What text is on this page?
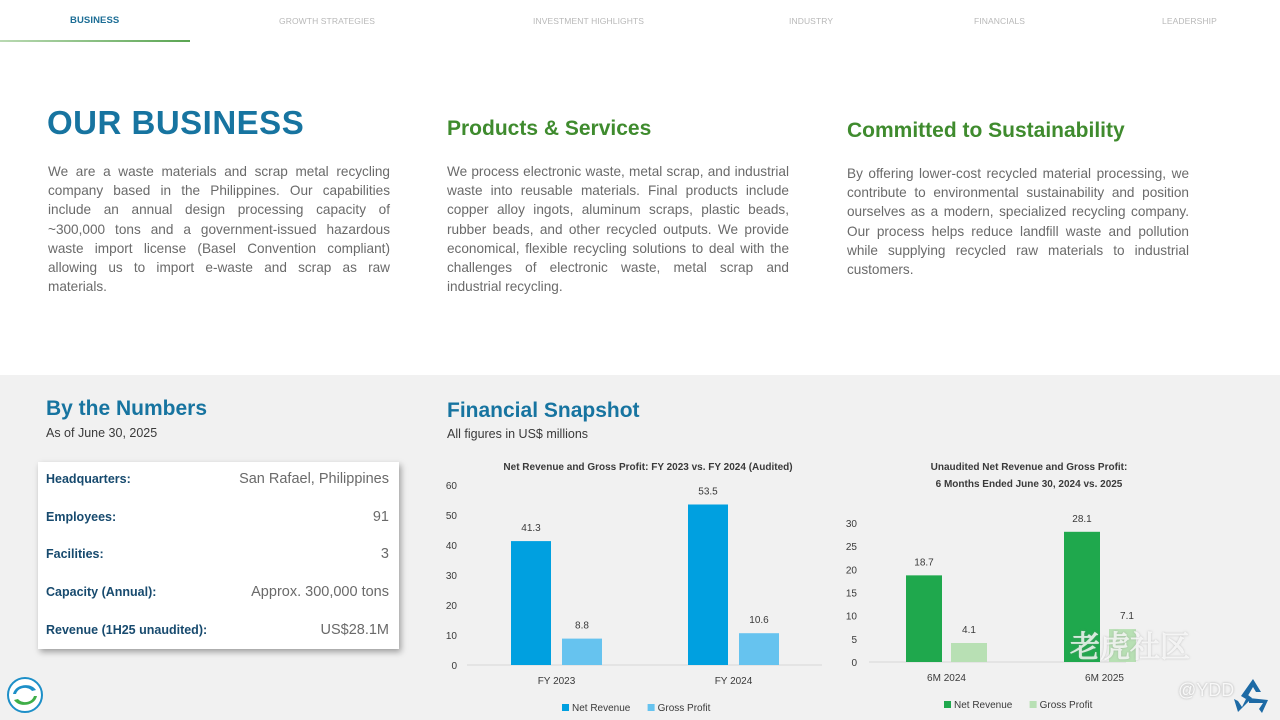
BUSINESS	GROWTH STRATEGIES	INVESTMENT HIGHLIGHTS	INDUSTRY	FINANCIALS	LEADERSHIP
OUR BUSINESS
We are a waste materials and scrap metal recycling company based in the Philippines. Our capabilities include an annual design processing capacity of ~300,000 tons and a government-issued hazardous waste import license (Basel Convention compliant) allowing us to import e-waste and scrap as raw materials.
Products & Services
We process electronic waste, metal scrap, and industrial waste into reusable materials. Final products include copper alloy ingots, aluminum scraps, plastic beads, rubber beads, and other recycled outputs. We provide economical, flexible recycling solutions to deal with the challenges of electronic waste, metal scrap and industrial recycling.
Committed to Sustainability
By offering lower-cost recycled material processing, we contribute to environmental sustainability and position ourselves as a modern, specialized recycling company. Our process helps reduce landfill waste and pollution while supplying recycled raw materials to industrial customers.
By the Numbers
As of June 30, 2025
Headquarters:	San Rafael, Philippines
Employees:	91
Facilities:	3
Capacity (Annual):	Approx. 300,000 tons
Revenue (1H25 unaudited):	US$28.1M
Financial Snapshot
All figures in US$ millions
Net Revenue and Gross Profit: FY 2023 vs. FY 2024 (Audited)
0
10
20
30
40
50
60
41.3
8.8
FY 2023
53.5
10.6
FY 2024
Net Revenue	Gross Profit
Unaudited Net Revenue and Gross Profit:
6 Months Ended June 30, 2024 vs. 2025
0
5
10
15
20
25
30
18.7
4.1
6M 2024
28.1
7.1
6M 2025
Net Revenue	Gross Profit
老虎社区
@YDD
